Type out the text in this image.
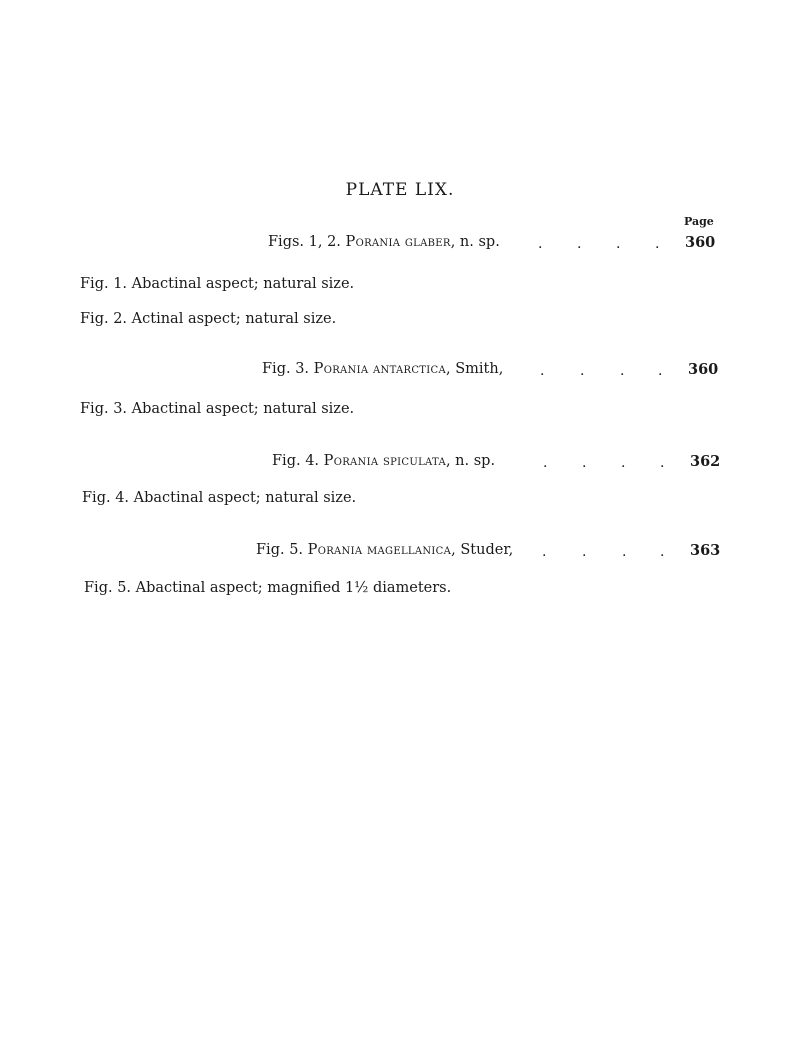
PLATE LIX.
Page
Figs. 1, 2. Porania glaber, n. sp.	. . . . 360
Fig. 1. Abactinal aspect; natural size.
Fig. 2. Actinal aspect; natural size.
Fig. 3. Porania antarctica, Smith,	.	.	. . 360
Fig. 3. Abactinal aspect; natural size.
Fig. 4. Porania spiculata, n. sp.	. . . . 362
Fig. 4. Abactinal aspect; natural size.
Fig. 5. Porania magellanica, Studer, .	.	. . 363
Fig. 5. Abactinal aspect; magnified 1½ diameters.
